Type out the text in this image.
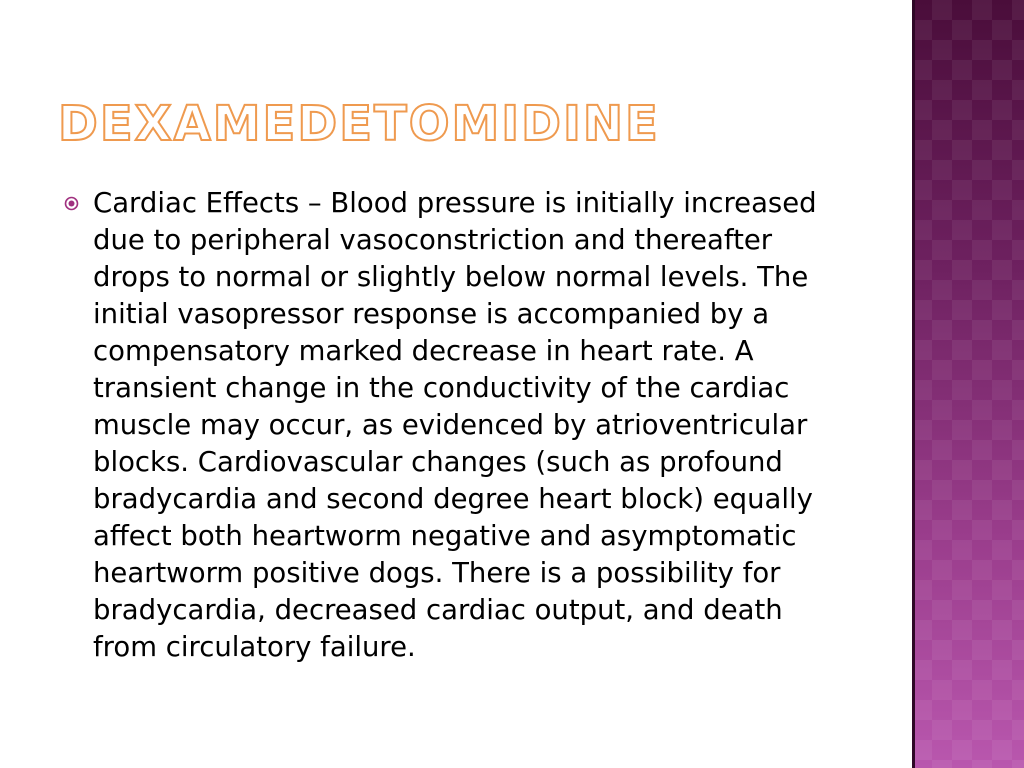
DEXAMEDETOMIDINE
Cardiac Effects – Blood pressure is initially increased due to peripheral vasoconstriction and thereafter drops to normal or slightly below normal levels. The initial vasopressor response is accompanied by a compensatory marked decrease in heart rate. A transient change in the conductivity of the cardiac muscle may occur, as evidenced by atrioventricular blocks. Cardiovascular changes (such as profound bradycardia and second degree heart block) equally affect both heartworm negative and asymptomatic heartworm positive dogs. There is a possibility for bradycardia, decreased cardiac output, and death from circulatory failure.
